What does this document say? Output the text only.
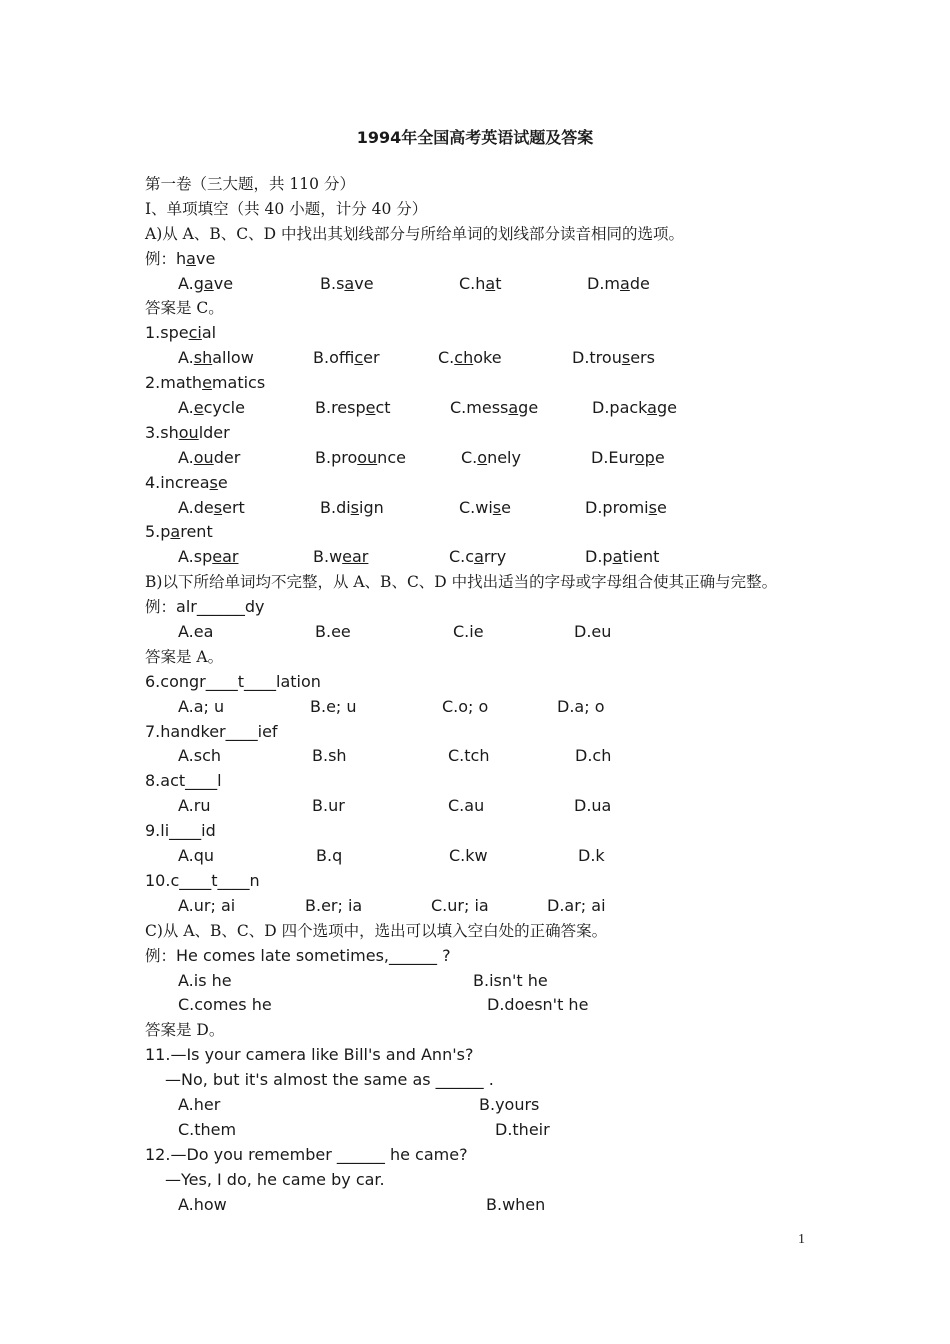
1994年全国高考英语试题及答案
第一卷（三大题，共 110 分）
I、单项填空（共 40 小题，计分 40 分）
A)从 A、B、C、D 中找出其划线部分与所给单词的划线部分读音相同的选项。
例：have
A.gave	B.save	C.hat	D.made
答案是 C。
1.special
A.shallow	B.officer	C.choke	D.trousers
2.mathematics
A.ecycle	B.respect	C.message	D.package
3.shoulder
A.ouder	B.proounce	C.onely	D.Europe
4.increase
A.desert	B.disign	C.wise	D.promise
5.parent
A.spear	B.wear	C.carry	D.patient
B)以下所给单词均不完整，从 A、B、C、D 中找出适当的字母或字母组合使其正确与完整。
例：alr______dy
A.ea	B.ee	C.ie	D.eu
答案是 A。
6.congr____t____lation
A.a; u	B.e; u	C.o; o	D.a; o
7.handker____ief
A.sch	B.sh	C.tch	D.ch
8.act____l
A.ru	B.ur	C.au	D.ua
9.li____id
A.qu	B.q	C.kw	D.k
10.c____t____n
A.ur; ai	B.er; ia	C.ur; ia	D.ar; ai
C)从 A、B、C、D 四个选项中，选出可以填入空白处的正确答案。
例：He comes late sometimes,______ ?
A.is he	B.isn't he
C.comes he	D.doesn't he
答案是 D。
11.—Is your camera like Bill's and Ann's?
—No, but it's almost the same as ______ .
A.her	B.yours
C.them	D.their
12.—Do you remember ______ he came?
—Yes, I do, he came by car.
A.how	B.when
1
